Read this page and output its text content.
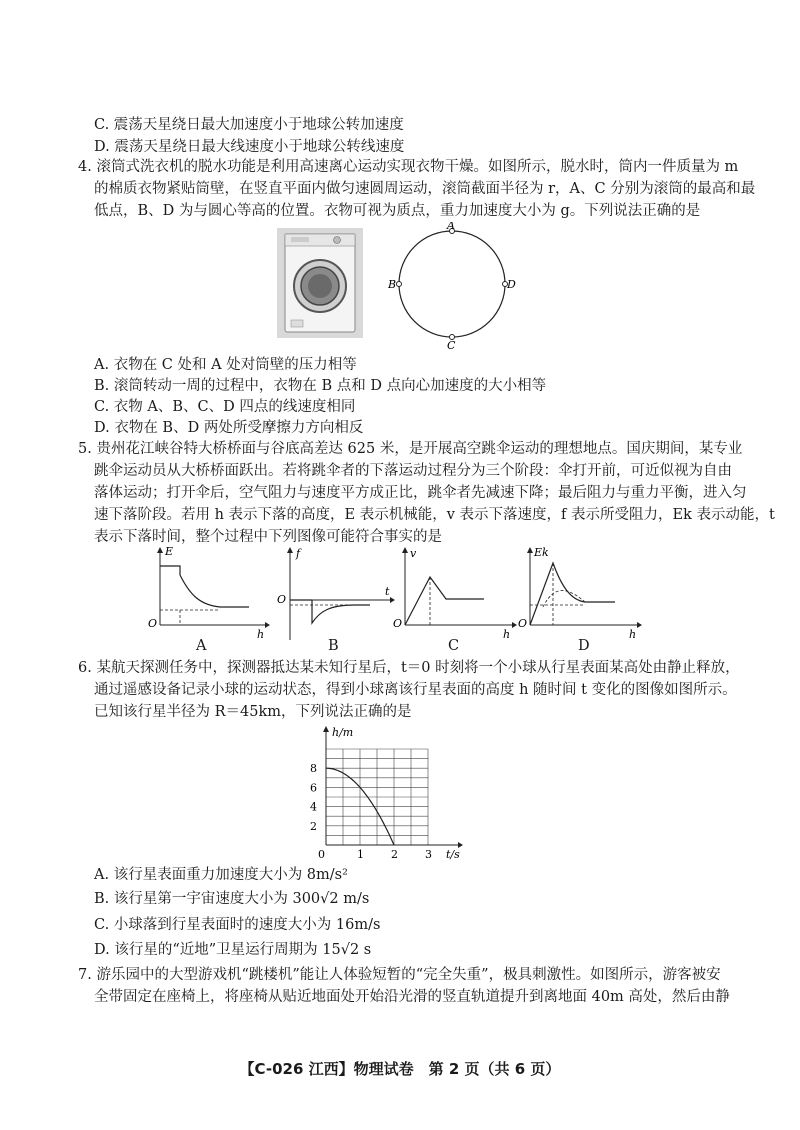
C. 震荡天星绕日最大加速度小于地球公转加速度
D. 震荡天星绕日最大线速度小于地球公转线速度
4. 滚筒式洗衣机的脱水功能是利用高速离心运动实现衣物干燥。如图所示，脱水时，筒内一件质量为 m
的棉质衣物紧贴筒壁，在竖直平面内做匀速圆周运动，滚筒截面半径为 r，A、C 分别为滚筒的最高和最
低点，B、D 为与圆心等高的位置。衣物可视为质点，重力加速度大小为 g。下列说法正确的是
A
C
B	D
A. 衣物在 C 处和 A 处对筒壁的压力相等
B. 滚筒转动一周的过程中，衣物在 B 点和 D 点向心加速度的大小相等
C. 衣物 A、B、C、D 四点的线速度相同
D. 衣物在 B、D 两处所受摩擦力方向相反
5. 贵州花江峡谷特大桥桥面与谷底高差达 625 米，是开展高空跳伞运动的理想地点。国庆期间，某专业
跳伞运动员从大桥桥面跃出。若将跳伞者的下落运动过程分为三个阶段：伞打开前，可近似视为自由
落体运动；打开伞后，空气阻力与速度平方成正比，跳伞者先减速下降；最后阻力与重力平衡，进入匀
速下落阶段。若用 h 表示下落的高度，E 表示机械能，v 表示下落速度，f 表示所受阻力，Ek 表示动能，t
表示下落时间，整个过程中下列图像可能符合事实的是
E
h
O
A
f
t
O
B
v
h
O
C
Ek
h
O
D
6. 某航天探测任务中，探测器抵达某未知行星后，t＝0 时刻将一个小球从行星表面某高处由静止释放，
通过遥感设备记录小球的运动状态，得到小球离该行星表面的高度 h 随时间 t 变化的图像如图所示。
已知该行星半径为 R＝45km，下列说法正确的是
h/m
t/s
0
2
4
6
8
1 2 3
A. 该行星表面重力加速度大小为 8m/s²
B. 该行星第一宇宙速度大小为 300√2 m/s
C. 小球落到行星表面时的速度大小为 16m/s
D. 该行星的“近地”卫星运行周期为 15√2 s
7. 游乐园中的大型游戏机“跳楼机”能让人体验短暂的“完全失重”，极具刺激性。如图所示，游客被安
全带固定在座椅上，将座椅从贴近地面处开始沿光滑的竖直轨道提升到离地面 40m 高处，然后由静
【C-026 江西】物理试卷　第 2 页（共 6 页）
